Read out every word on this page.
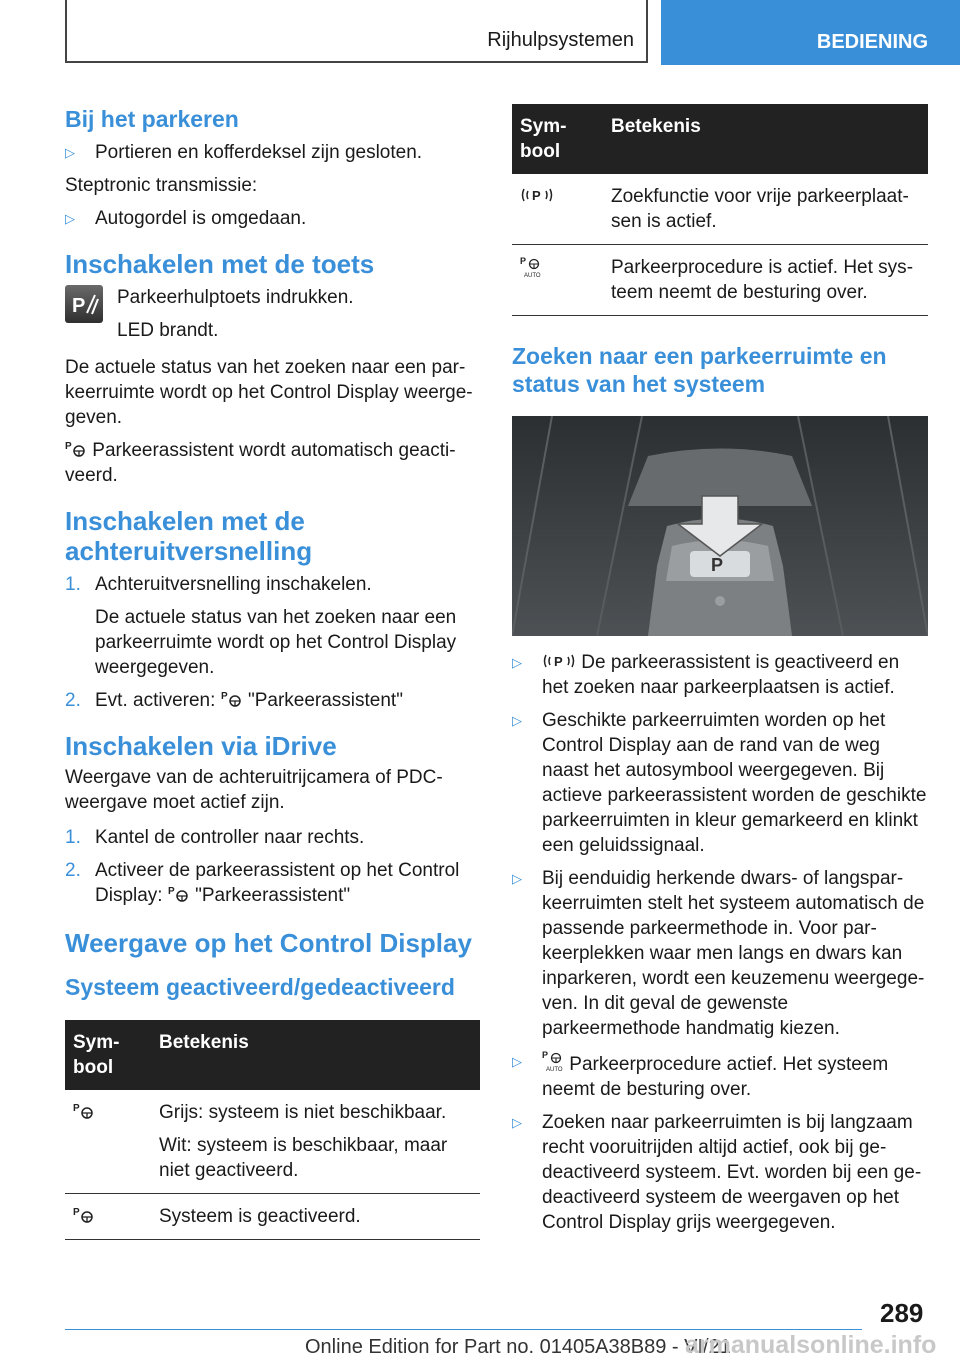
Rijhulpsystemen	BEDIENING
Bij het parkeren
▷ Portieren en kofferdeksel zijn gesloten.

Steptronic transmissie:

▷ Autogordel is omgedaan.
Inschakelen met de toets
P Parkeerhulptoets indrukken.

LED brandt.

De actuele status van het zoeken naar een parkeerruimte wordt op het Control Display weergegeven.

P Parkeerassistent wordt automatisch geactiveerd.

Inschakelen met de achteruitversnelling
1. Achteruitversnelling inschakelen.

De actuele status van het zoeken naar een parkeerruimte wordt op het Control Display weergegeven.

2. Evt. activeren: P "Parkeerassistent"
Inschakelen via iDrive

Weergave van de achteruitrijcamera of PDC-weergave moet actief zijn.

1. Kantel de controller naar rechts.
2. Activeer de parkeerassistent op het Control Display: P "Parkeerassistent"
Weergave op het Control Display
Systeem geactiveerd/gedeactiveerd
Symbool	Betekenis

P	Grijs: systeem is niet beschikbaar.

Wit: systeem is beschikbaar, maar niet geactiveerd.

P	Systeem is geactiveerd.
Symbool	Betekenis

P	Zoekfunctie voor vrije parkeerplaatsen is actief.

P
AUTO	Parkeerprocedure is actief. Het systeem neemt de besturing over.
Zoeken naar een parkeerruimte en status van het systeem
P
▷ P De parkeerassistent is geactiveerd en het zoeken naar parkeerplaatsen is actief.
▷ Geschikte parkeerruimten worden op het Control Display aan de rand van de weg naast het autosymbool weergegeven. Bij actieve parkeerassistent worden de geschikte parkeerruimten in kleur gemarkeerd en klinkt een geluidssignaal.
▷ Bij eenduidig herkende dwars- of langsparkeerruimten stelt het systeem automatisch de passende parkeermethode in. Voor parkeerplekken waar men langs en dwars kan inparkeren, wordt een keuzemenu weergegeven. In dit geval de gewenste parkeermethode handmatig kiezen.
▷ P
AUTO Parkeerprocedure actief. Het systeem neemt de besturing over.
▷ Zoeken naar parkeerruimten is bij langzaam recht vooruitrijden altijd actief, ook bij gedeactiveerd systeem. Evt. worden bij een gedeactiveerd systeem de weergaven op het Control Display grijs weergegeven.
289
Online Edition for Part no. 01405A38B89 - VI/21
armanualsonline.info
